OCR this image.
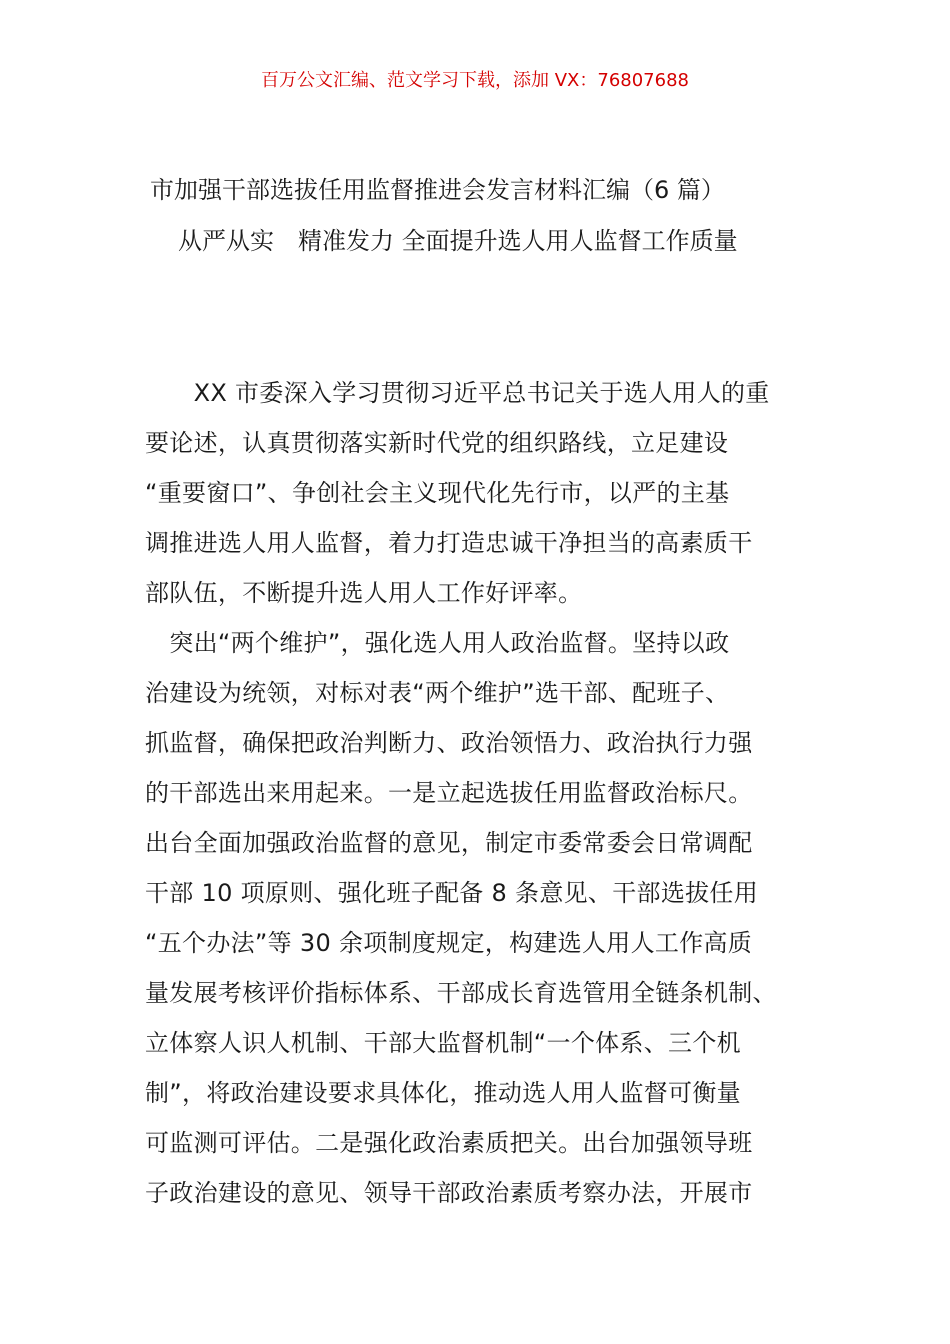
百万公文汇编、范文学习下载，添加 VX：76807688
市加强干部选拔任用监督推进会发言材料汇编（6 篇）
从严从实　精准发力 全面提升选人用人监督工作质量
　　XX 市委深入学习贯彻习近平总书记关于选人用人的重
要论述，认真贯彻落实新时代党的组织路线，立足建设
“重要窗口”、争创社会主义现代化先行市，以严的主基
调推进选人用人监督，着力打造忠诚干净担当的高素质干
部队伍，不断提升选人用人工作好评率。
　突出“两个维护”，强化选人用人政治监督。坚持以政
治建设为统领，对标对表“两个维护”选干部、配班子、
抓监督，确保把政治判断力、政治领悟力、政治执行力强
的干部选出来用起来。一是立起选拔任用监督政治标尺。
出台全面加强政治监督的意见，制定市委常委会日常调配
干部 10 项原则、强化班子配备 8 条意见、干部选拔任用
“五个办法”等 30 余项制度规定，构建选人用人工作高质
量发展考核评价指标体系、干部成长育选管用全链条机制、
立体察人识人机制、干部大监督机制“一个体系、三个机
制”，将政治建设要求具体化，推动选人用人监督可衡量
可监测可评估。二是强化政治素质把关。出台加强领导班
子政治建设的意见、领导干部政治素质考察办法，开展市
